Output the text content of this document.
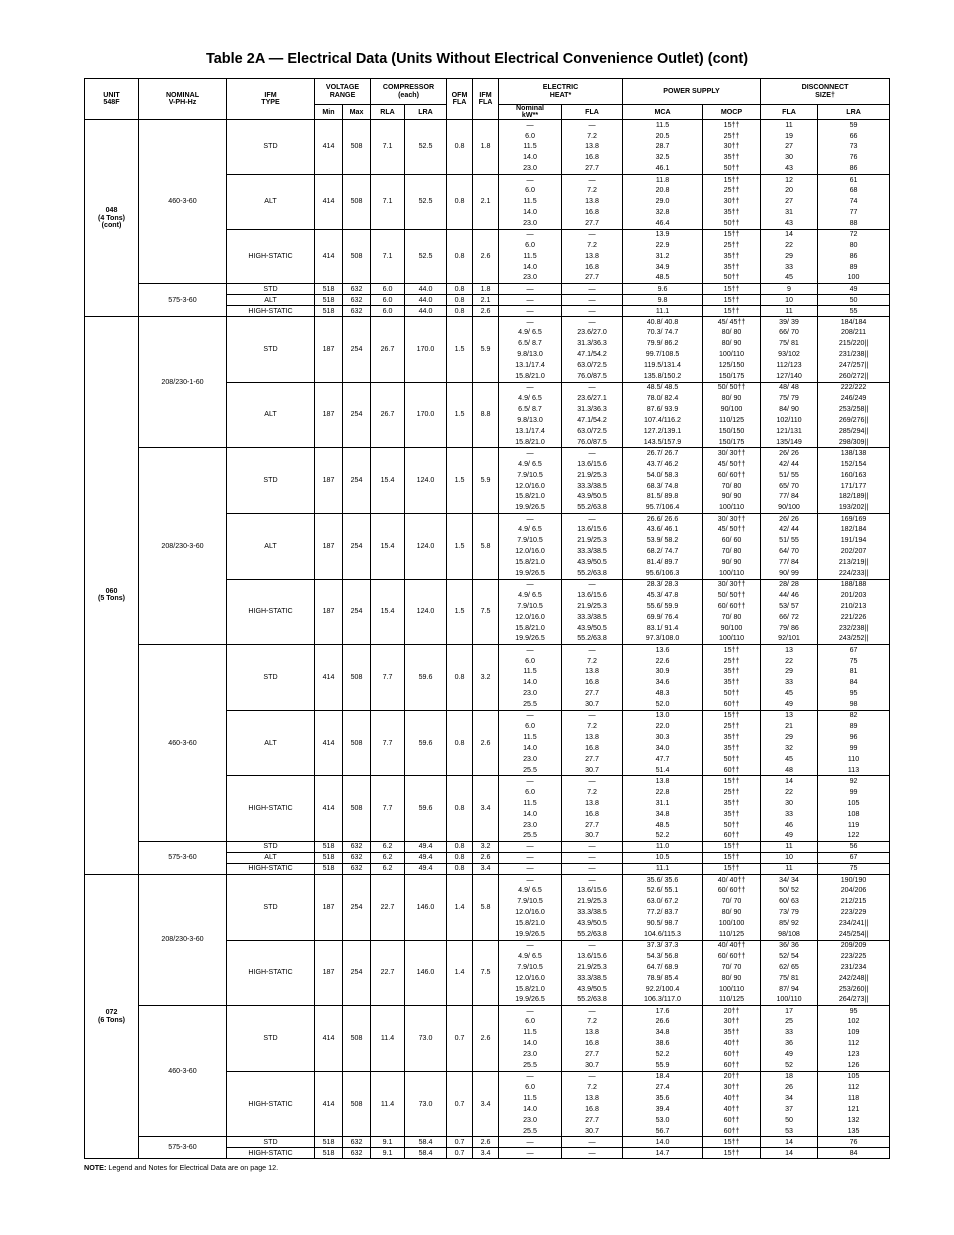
Table 2A — Electrical Data (Units Without Electrical Convenience Outlet) (cont)
UNIT
548F	NOMINAL
V-PH-Hz	IFM
TYPE	VOLTAGE
RANGE		COMPRESSOR
(each)		OFM
FLA	IFM
FLA	ELECTRIC
HEAT*		POWER SUPPLY		DISCONNECT
SIZE†	
			Min	Max	RLA	LRA			Nominal
kW**	FLA	MCA	MOCP	FLA	LRA
048
(4 Tons)
(cont)	460-3-60	STD	414	508	7.1	52.5	0.8	1.8	—	—	11.5	15††	11	59
									6.0	7.2	20.5	25††	19	66
									11.5	13.8	28.7	30††	27	73
									14.0	16.8	32.5	35††	30	76
									23.0	27.7	46.1	50††	43	86
		ALT	414	508	7.1	52.5	0.8	2.1	—	—	11.8	15††	12	61
									6.0	7.2	20.8	25††	20	68
									11.5	13.8	29.0	30††	27	74
									14.0	16.8	32.8	35††	31	77
									23.0	27.7	46.4	50††	43	88
		HIGH-STATIC	414	508	7.1	52.5	0.8	2.6	—	—	13.9	15††	14	72
									6.0	7.2	22.9	25††	22	80
									11.5	13.8	31.2	35††	29	86
									14.0	16.8	34.9	35††	33	89
									23.0	27.7	48.5	50††	45	100
	575-3-60	STD	518	632	6.0	44.0	0.8	1.8	—	—	9.6	15††	9	49
		ALT	518	632	6.0	44.0	0.8	2.1	—	—	9.8	15††	10	50
		HIGH-STATIC	518	632	6.0	44.0	0.8	2.6	—	—	11.1	15††	11	55
060
(5 Tons)	208/230-1-60	STD	187	254	26.7	170.0	1.5	5.9	—	—	40.8/ 40.8	45/ 45††	39/ 39	184/184
									4.9/ 6.5	23.6/27.0	70.3/ 74.7	80/ 80	66/ 70	208/211
									6.5/ 8.7	31.3/36.3	79.9/ 86.2	80/ 90	75/ 81	215/220||
									9.8/13.0	47.1/54.2	99.7/108.5	100/110	93/102	231/238||
									13.1/17.4	63.0/72.5	119.5/131.4	125/150	112/123	247/257||
									15.8/21.0	76.0/87.5	135.8/150.2	150/175	127/140	260/272||
		ALT	187	254	26.7	170.0	1.5	8.8	—	—	48.5/ 48.5	50/ 50††	48/ 48	222/222
									4.9/ 6.5	23.6/27.1	78.0/ 82.4	80/ 90	75/ 79	246/249
									6.5/ 8.7	31.3/36.3	87.6/ 93.9	90/100	84/ 90	253/258||
									9.8/13.0	47.1/54.2	107.4/116.2	110/125	102/110	269/276||
									13.1/17.4	63.0/72.5	127.2/139.1	150/150	121/131	285/294||
									15.8/21.0	76.0/87.5	143.5/157.9	150/175	135/149	298/309||
	208/230-3-60	STD	187	254	15.4	124.0	1.5	5.9	—	—	26.7/ 26.7	30/ 30††	26/ 26	138/138
									4.9/ 6.5	13.6/15.6	43.7/ 46.2	45/ 50††	42/ 44	152/154
									7.9/10.5	21.9/25.3	54.0/ 58.3	60/ 60††	51/ 55	160/163
									12.0/16.0	33.3/38.5	68.3/ 74.8	70/ 80	65/ 70	171/177
									15.8/21.0	43.9/50.5	81.5/ 89.8	90/ 90	77/ 84	182/189||
									19.9/26.5	55.2/63.8	95.7/106.4	100/110	90/100	193/202||
		ALT	187	254	15.4	124.0	1.5	5.8	—	—	26.6/ 26.6	30/ 30††	26/ 26	169/169
									4.9/ 6.5	13.6/15.6	43.6/ 46.1	45/ 50††	42/ 44	182/184
									7.9/10.5	21.9/25.3	53.9/ 58.2	60/ 60	51/ 55	191/194
									12.0/16.0	33.3/38.5	68.2/ 74.7	70/ 80	64/ 70	202/207
									15.8/21.0	43.9/50.5	81.4/ 89.7	90/ 90	77/ 84	213/219||
									19.9/26.5	55.2/63.8	95.6/106.3	100/110	90/ 99	224/233||
		HIGH-STATIC	187	254	15.4	124.0	1.5	7.5	—	—	28.3/ 28.3	30/ 30††	28/ 28	188/188
									4.9/ 6.5	13.6/15.6	45.3/ 47.8	50/ 50††	44/ 46	201/203
									7.9/10.5	21.9/25.3	55.6/ 59.9	60/ 60††	53/ 57	210/213
									12.0/16.0	33.3/38.5	69.9/ 76.4	70/ 80	66/ 72	221/226
									15.8/21.0	43.9/50.5	83.1/ 91.4	90/100	79/ 86	232/238||
									19.9/26.5	55.2/63.8	97.3/108.0	100/110	92/101	243/252||
	460-3-60	STD	414	508	7.7	59.6	0.8	3.2	—	—	13.6	15††	13	67
									6.0	7.2	22.6	25††	22	75
									11.5	13.8	30.9	35††	29	81
									14.0	16.8	34.6	35††	33	84
									23.0	27.7	48.3	50††	45	95
									25.5	30.7	52.0	60††	49	98
		ALT	414	508	7.7	59.6	0.8	2.6	—	—	13.0	15††	13	82
									6.0	7.2	22.0	25††	21	89
									11.5	13.8	30.3	35††	29	96
									14.0	16.8	34.0	35††	32	99
									23.0	27.7	47.7	50††	45	110
									25.5	30.7	51.4	60††	48	113
		HIGH-STATIC	414	508	7.7	59.6	0.8	3.4	—	—	13.8	15††	14	92
									6.0	7.2	22.8	25††	22	99
									11.5	13.8	31.1	35††	30	105
									14.0	16.8	34.8	35††	33	108
									23.0	27.7	48.5	50††	46	119
									25.5	30.7	52.2	60††	49	122
	575-3-60	STD	518	632	6.2	49.4	0.8	3.2	—	—	11.0	15††	11	56
		ALT	518	632	6.2	49.4	0.8	2.6	—	—	10.5	15††	10	67
		HIGH-STATIC	518	632	6.2	49.4	0.8	3.4	—	—	11.1	15††	11	75
072
(6 Tons)	208/230-3-60	STD	187	254	22.7	146.0	1.4	5.8	—	—	35.6/ 35.6	40/ 40††	34/ 34	190/190
									4.9/ 6.5	13.6/15.6	52.6/ 55.1	60/ 60††	50/ 52	204/206
									7.9/10.5	21.9/25.3	63.0/ 67.2	70/ 70	60/ 63	212/215
									12.0/16.0	33.3/38.5	77.2/ 83.7	80/ 90	73/ 79	223/229
									15.8/21.0	43.9/50.5	90.5/ 98.7	100/100	85/ 92	234/241||
									19.9/26.5	55.2/63.8	104.6/115.3	110/125	98/108	245/254||
		HIGH-STATIC	187	254	22.7	146.0	1.4	7.5	—	—	37.3/ 37.3	40/ 40††	36/ 36	209/209
									4.9/ 6.5	13.6/15.6	54.3/ 56.8	60/ 60††	52/ 54	223/225
									7.9/10.5	21.9/25.3	64.7/ 68.9	70/ 70	62/ 65	231/234
									12.0/16.0	33.3/38.5	78.9/ 85.4	80/ 90	75/ 81	242/248||
									15.8/21.0	43.9/50.5	92.2/100.4	100/110	87/ 94	253/260||
									19.9/26.5	55.2/63.8	106.3/117.0	110/125	100/110	264/273||
	460-3-60	STD	414	508	11.4	73.0	0.7	2.6	—	—	17.6	20††	17	95
									6.0	7.2	26.6	30††	25	102
									11.5	13.8	34.8	35††	33	109
									14.0	16.8	38.6	40††	36	112
									23.0	27.7	52.2	60††	49	123
									25.5	30.7	55.9	60††	52	126
		HIGH-STATIC	414	508	11.4	73.0	0.7	3.4	—	—	18.4	20††	18	105
									6.0	7.2	27.4	30††	26	112
									11.5	13.8	35.6	40††	34	118
									14.0	16.8	39.4	40††	37	121
									23.0	27.7	53.0	60††	50	132
									25.5	30.7	56.7	60††	53	135
	575-3-60	STD	518	632	9.1	58.4	0.7	2.6	—	—	14.0	15††	14	76
		HIGH-STATIC	518	632	9.1	58.4	0.7	3.4	—	—	14.7	15††	14	84
NOTE: Legend and Notes for Electrical Data are on page 12.
